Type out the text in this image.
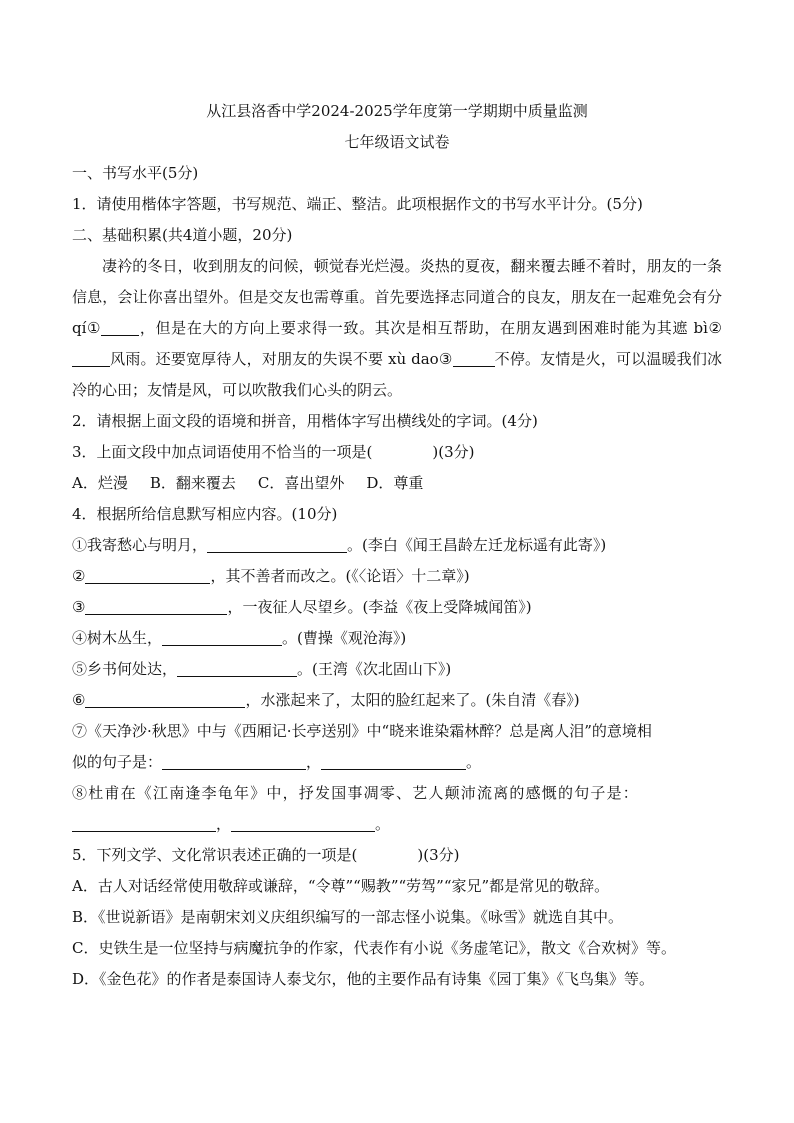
从江县洛香中学2024-2025学年度第一学期期中质量监测

七年级语文试卷

一、书写水平(5分)

1．请使用楷体字答题，书写规范、端正、整洁。此项根据作文的书写水平计分。(5分)

二、基础积累(共4道小题，20分)

凄衿的冬日，收到朋友的问候，顿觉春光烂漫。炎热的夏夜，翻来覆去睡不着时，朋友的一条信息，会让你喜出望外。但是交友也需尊重。首先要选择志同道合的良友，朋友在一起难免会有分 qí①	，但是在大的方向上要求得一致。其次是相互帮助，在朋友遇到困难时能为其遮 bì②风雨。还要宽厚待人，对朋友的失误不要 xù dao③	不停。友情是火，可以温暖我们冰冷的心田；友情是风，可以吹散我们心头的阴云。

2．请根据上面文段的语境和拼音，用楷体字写出横线处的字词。(4分)

3．上面文段中加点词语使用不恰当的一项是(	)(3分)

A．烂漫 B．翻来覆去 C．喜出望外 D．尊重

4．根据所给信息默写相应内容。(10分)

①我寄愁心与明月，	。(李白《闻王昌龄左迁龙标遥有此寄》)

②	，其不善者而改之。(《〈论语〉十二章》)

③	，一夜征人尽望乡。(李益《夜上受降城闻笛》)

④树木丛生，	。(曹操《观沧海》)

⑤乡书何处达，	。(王湾《次北固山下》)

⑥	，水涨起来了，太阳的脸红起来了。(朱自清《春》)

⑦《天净沙·秋思》中与《西厢记·长亭送别》中“晓来谁染霜林醉？总是离人泪”的意境相

似的句子是：	，	。

⑧杜甫在《江南逢李龟年》中，抒发国事凋零、艺人颠沛流离的感慨的句子是：

，	。

5．下列文学、文化常识表述正确的一项是(	)(3分)

A．古人对话经常使用敬辞或谦辞，“令尊”“赐教”“劳驾”“家兄”都是常见的敬辞。

B．《世说新语》是南朝宋刘义庆组织编写的一部志怪小说集。《咏雪》就选自其中。

C．史铁生是一位坚持与病魔抗争的作家，代表作有小说《务虚笔记》，散文《合欢树》等。

D．《金色花》的作者是泰国诗人泰戈尔，他的主要作品有诗集《园丁集》《飞鸟集》等。
